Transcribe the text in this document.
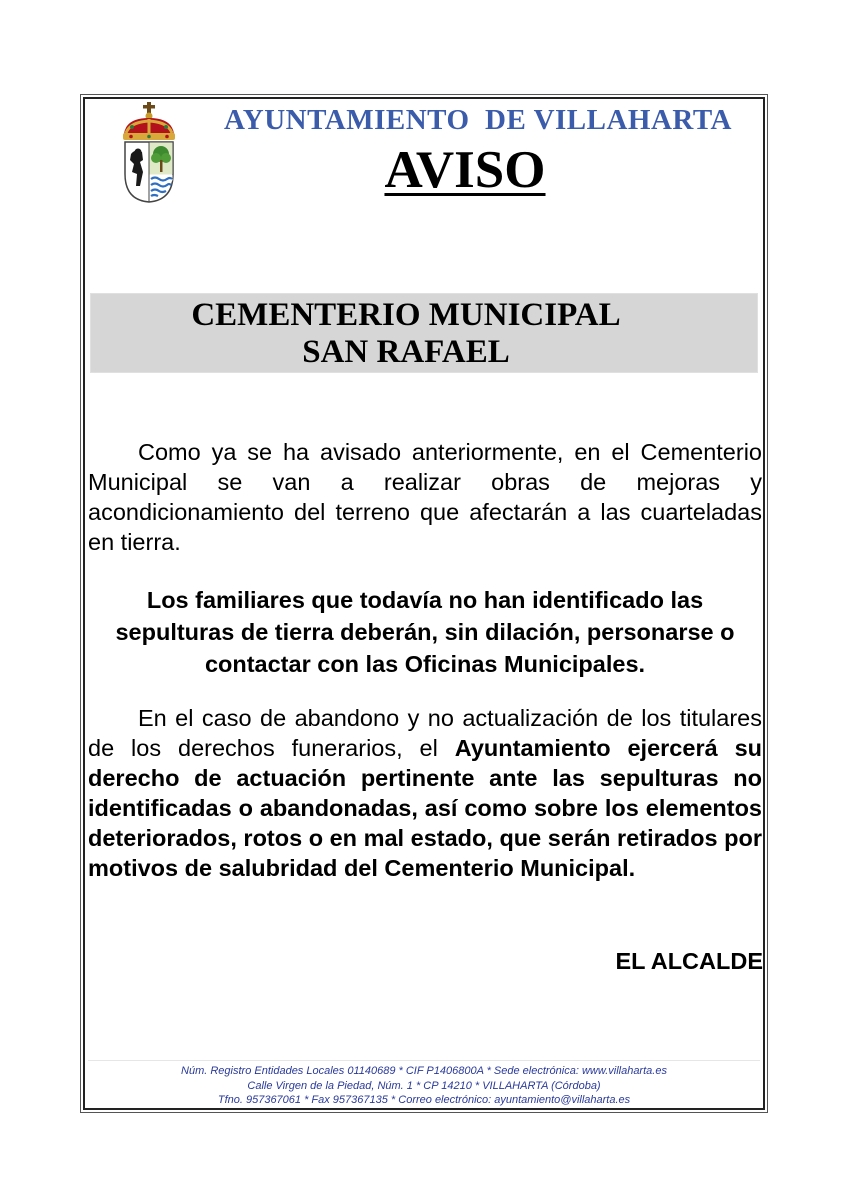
AYUNTAMIENTO  DE VILLAHARTA
AVISO
CEMENTERIO MUNICIPAL
SAN RAFAEL

Como ya se ha avisado anteriormente, en el Cementerio Municipal se van a realizar obras de mejoras y acondicionamiento del terreno que afectarán a las cuarteladas en tierra.

Los familiares que todavía no han identificado las sepulturas de tierra deberán, sin dilación, personarse o contactar con las Oficinas Municipales.

En el caso de abandono y no actualización de los titulares de los derechos funerarios, el Ayuntamiento ejercerá su derecho de actuación pertinente ante las sepulturas no identificadas o abandonadas, así como sobre los elementos deteriorados, rotos o en mal estado, que serán retirados por motivos de salubridad del Cementerio Municipal.

EL ALCALDE
Núm. Registro Entidades Locales 01140689 * CIF P1406800A * Sede electrónica: www.villaharta.es
Calle Virgen de la Piedad, Núm. 1 * CP 14210 * VILLAHARTA (Córdoba)
Tfno. 957367061 * Fax 957367135 * Correo electrónico: ayuntamiento@villaharta.es
